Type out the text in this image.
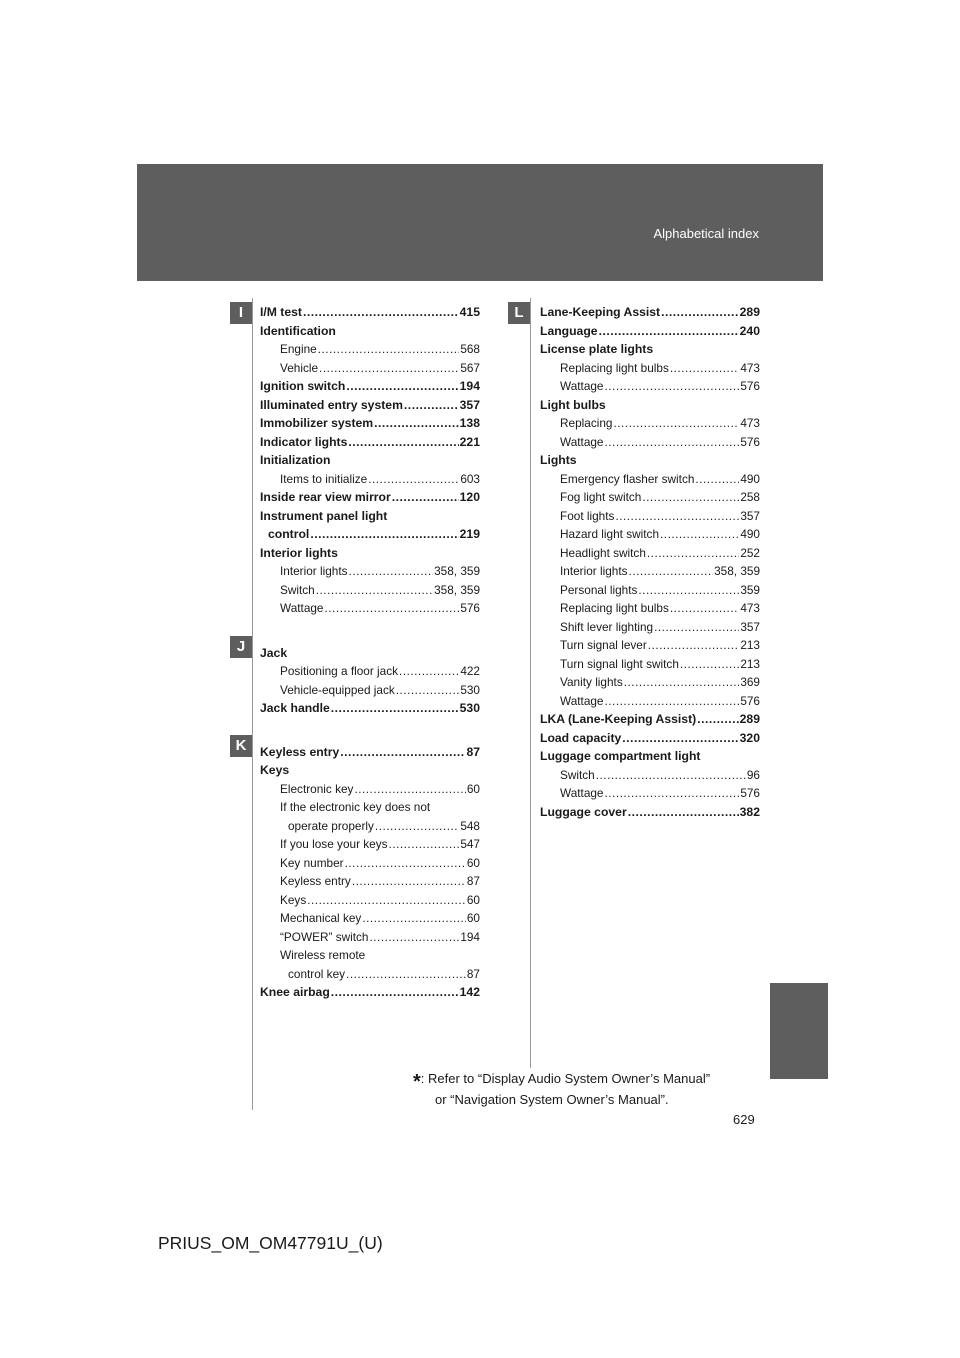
Alphabetical index
I
J
K
L
I/M test .....	415
Identification
Engine .....	568
Vehicle .....	567
Ignition switch .....	194
Illuminated entry system .....	357
Immobilizer system .....	138
Indicator lights .....	221
Initialization
Items to initialize .....	603
Inside rear view mirror .....	120
Instrument panel light
control .....	219
Interior lights
Interior lights .....	358, 359
Switch .....	358, 359
Wattage .....	576
Jack
Positioning a floor jack .....	422
Vehicle-equipped jack .....	530
Jack handle .....	530
Keyless entry .....	87
Keys
Electronic key .....	60
If the electronic key does not
operate properly .....	548
If you lose your keys .....	547
Key number .....	60
Keyless entry .....	87
Keys .....	60
Mechanical key .....	60
“POWER” switch .....	194
Wireless remote
control key .....	87
Knee airbag .....	142
Lane-Keeping Assist .....	289
Language .....	240
License plate lights
Replacing light bulbs .....	473
Wattage .....	576
Light bulbs
Replacing .....	473
Wattage .....	576
Lights
Emergency flasher switch .....	490
Fog light switch .....	258
Foot lights .....	357
Hazard light switch .....	490
Headlight switch .....	252
Interior lights .....	358, 359
Personal lights .....	359
Replacing light bulbs .....	473
Shift lever lighting .....	357
Turn signal lever .....	213
Turn signal light switch .....	213
Vanity lights .....	369
Wattage .....	576
LKA (Lane-Keeping Assist) .....	289
Load capacity .....	320
Luggage compartment light
Switch .....	96
Wattage .....	576
Luggage cover .....	382
*: Refer to “Display Audio System Owner’s Manual”
or “Navigation System Owner’s Manual”.
629
PRIUS_OM_OM47791U_(U)
